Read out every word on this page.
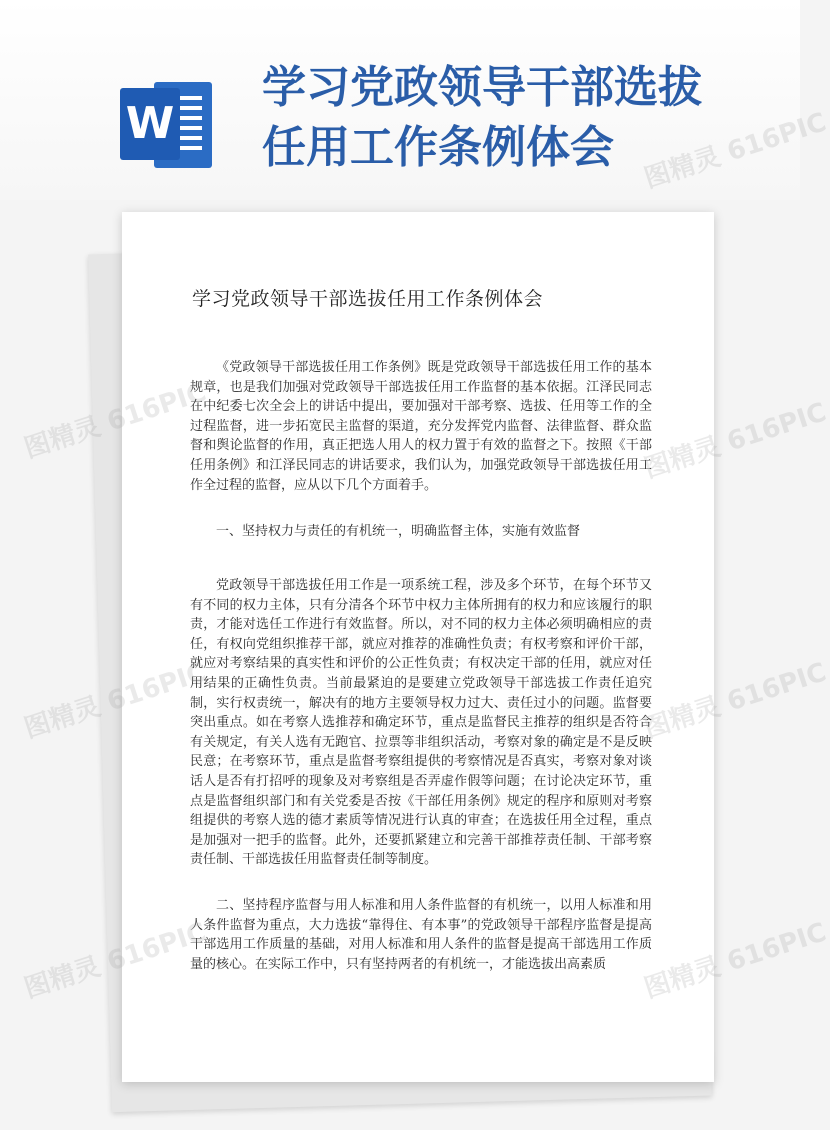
W
学习党政领导干部选拔
任用工作条例体会
学习党政领导干部选拔任用工作条例体会
《党政领导干部选拔任用工作条例》既是党政领导干部选拔任用工作的基本规章，也是我们加强对党政领导干部选拔任用工作监督的基本依据。江泽民同志在中纪委七次全会上的讲话中提出，要加强对干部考察、选拔、任用等工作的全过程监督，进一步拓宽民主监督的渠道，充分发挥党内监督、法律监督、群众监督和舆论监督的作用，真正把选人用人的权力置于有效的监督之下。按照《干部任用条例》和江泽民同志的讲话要求，我们认为，加强党政领导干部选拔任用工作全过程的监督，应从以下几个方面着手。
一、坚持权力与责任的有机统一，明确监督主体，实施有效监督
党政领导干部选拔任用工作是一项系统工程，涉及多个环节，在每个环节又有不同的权力主体，只有分清各个环节中权力主体所拥有的权力和应该履行的职责，才能对选任工作进行有效监督。所以，对不同的权力主体必须明确相应的责任，有权向党组织推荐干部，就应对推荐的准确性负责；有权考察和评价干部，就应对考察结果的真实性和评价的公正性负责；有权决定干部的任用，就应对任用结果的正确性负责。当前最紧迫的是要建立党政领导干部选拔工作责任追究制，实行权责统一，解决有的地方主要领导权力过大、责任过小的问题。监督要突出重点。如在考察人选推荐和确定环节，重点是监督民主推荐的组织是否符合有关规定，有关人选有无跑官、拉票等非组织活动，考察对象的确定是不是反映民意；在考察环节，重点是监督考察组提供的考察情况是否真实，考察对象对谈话人是否有打招呼的现象及对考察组是否弄虚作假等问题；在讨论决定环节，重点是监督组织部门和有关党委是否按《干部任用条例》规定的程序和原则对考察组提供的考察人选的德才素质等情况进行认真的审查；在选拔任用全过程，重点是加强对一把手的监督。此外，还要抓紧建立和完善干部推荐责任制、干部考察责任制、干部选拔任用监督责任制等制度。
二、坚持程序监督与用人标准和用人条件监督的有机统一，以用人标准和用人条件监督为重点，大力选拔“靠得住、有本事”的党政领导干部程序监督是提高干部选用工作质量的基础，对用人标准和用人条件的监督是提高干部选用工作质量的核心。在实际工作中，只有坚持两者的有机统一，才能选拔出高素质
图精灵 616PIC
图精灵 616PIC	图精灵 616PIC
图精灵 616PIC	图精灵 616PIC
图精灵 616PIC	图精灵 616PIC
